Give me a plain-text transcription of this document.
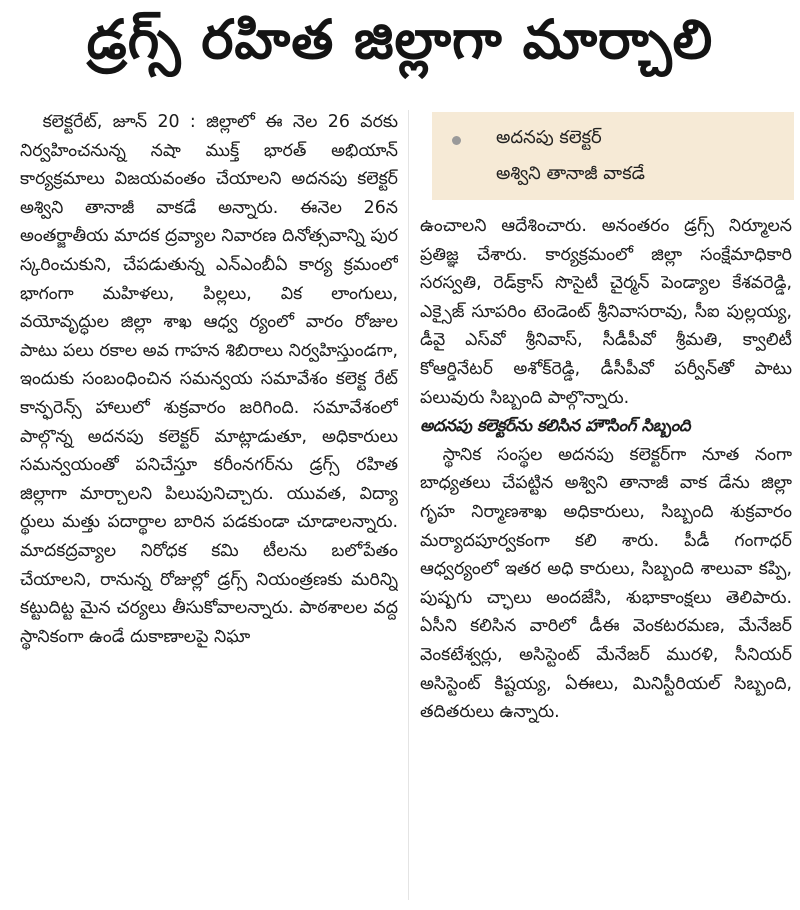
డ్రగ్స్ రహిత జిల్లాగా మార్చాలి

కలెక్టరేట్, జూన్ 20 : జిల్లాలో ఈ నెల 26 వరకు నిర్వహించనున్న నషా ముక్త్ భారత్ అభియాన్ కార్యక్రమాలు విజయవంతం చేయాలని అదనపు కలెక్టర్ అశ్విని తానాజీ వాకడే అన్నారు. ఈనెల 26న అంతర్జాతీయ మాదక ద్రవ్యాల నివారణ దినోత్సవాన్ని పుర స్కరించుకుని, చేపడుతున్న ఎన్ఎంబీఏ కార్య క్రమంలో భాగంగా మహిళలు, పిల్లలు, విక లాంగులు, వయోవృద్ధుల జిల్లా శాఖ ఆధ్వ ర్యంలో వారం రోజుల పాటు పలు రకాల అవ గాహన శిబిరాలు నిర్వహిస్తుండగా, ఇందుకు సంబంధించిన సమన్వయ సమావేశం కలెక్ట రేట్ కాన్ఫరెన్స్ హాలులో శుక్రవారం జరిగింది. సమావేశంలో పాల్గొన్న అదనపు కలెక్టర్ మాట్లాడుతూ, అధికారులు సమన్వయంతో పనిచేస్తూ కరీంనగర్‌ను డ్రగ్స్ రహిత జిల్లాగా మార్చాలని పిలుపునిచ్చారు. యువత, విద్యా ర్థులు మత్తు పదార్థాల బారిన పడకుండా చూడాలన్నారు. మాదకద్రవ్యాల నిరోధక కమి టీలను బలోపేతం చేయాలని, రానున్న రోజుల్లో డ్రగ్స్ నియంత్రణకు మరిన్ని కట్టుదిట్ట మైన చర్యలు తీసుకోవాలన్నారు. పాఠశాలల వద్ద స్థానికంగా ఉండే దుకాణాలపై నిఘా

అదనపు కలెక్టర్
అశ్విని తానాజీ వాకడే

ఉంచాలని ఆదేశించారు. అనంతరం డ్రగ్స్ నిర్మూలన ప్రతిజ్ఞ చేశారు. కార్యక్రమంలో జిల్లా సంక్షేమాధికారి సరస్వతి, రెడ్‌క్రాస్ సొసైటీ చైర్మన్ పెండ్యాల కేశవరెడ్డి, ఎక్సైజ్ సూపరిం టెండెంట్ శ్రీనివాసరావు, సీఐ పుల్లయ్య, డీవై ఎస్‌వో శ్రీనివాస్, సీడీపీవో శ్రీమతి, క్వాలిటీ కోఆర్డినేటర్ అశోక్‌రెడ్డి, డీసీపీవో పర్వీన్‌తో పాటు పలువురు సిబ్బంది పాల్గొన్నారు.

అదనపు కలెక్టర్‌ను కలిసిన హౌసింగ్ సిబ్బంది

స్థానిక సంస్థల అదనపు కలెక్టర్‌గా నూత నంగా బాధ్యతలు చేపట్టిన అశ్విని తానాజీ వాక డేను జిల్లా గృహ నిర్మాణశాఖ అధికారులు, సిబ్బంది శుక్రవారం మర్యాదపూర్వకంగా కలి శారు. పీడీ గంగాధర్ ఆధ్వర్యంలో ఇతర అధి కారులు, సిబ్బంది శాలువా కప్పి, పుష్పగు చ్ఛాలు అందజేసి, శుభాకాంక్షలు తెలిపారు. ఏసీని కలిసిన వారిలో డీఈ వెంకటరమణ, మేనేజర్ వెంకటేశ్వర్లు, అసిస్టెంట్ మేనేజర్ మురళి, సీనియర్ అసిస్టెంట్ కిష్టయ్య, ఏఈలు, మినిస్టీరియల్ సిబ్బంది, తదితరులు ఉన్నారు.
